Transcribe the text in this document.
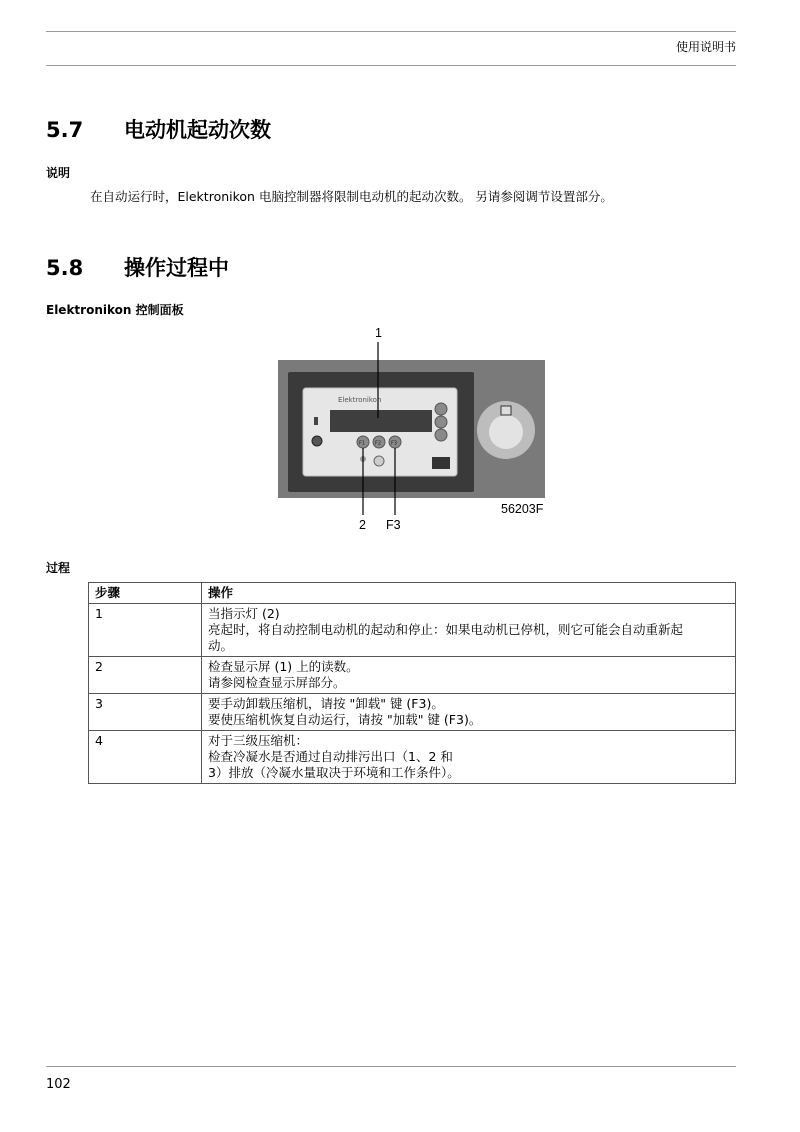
使用说明书
5.7 电动机起动次数
说明
在自动运行时，Elektronikon 电脑控制器将限制电动机的起动次数。 另请参阅调节设置部分。
5.8 操作过程中
Elektronikon 控制面板
1
Elektronikon
F1 F2 F3
56203F
2 F3
过程
步骤	操作
1	当指示灯 (2)
亮起时，将自动控制电动机的起动和停止：如果电动机已停机，则它可能会自动重新起
动。

2	检查显示屏 (1) 上的读数。
请参阅检查显示屏部分。

3	要手动卸载压缩机，请按 "卸载" 键 (F3)。
要使压缩机恢复自动运行，请按 "加载" 键 (F3)。

4	对于三级压缩机：
检查冷凝水是否通过自动排污出口（1、2 和
3）排放（冷凝水量取决于环境和工作条件）。
102
